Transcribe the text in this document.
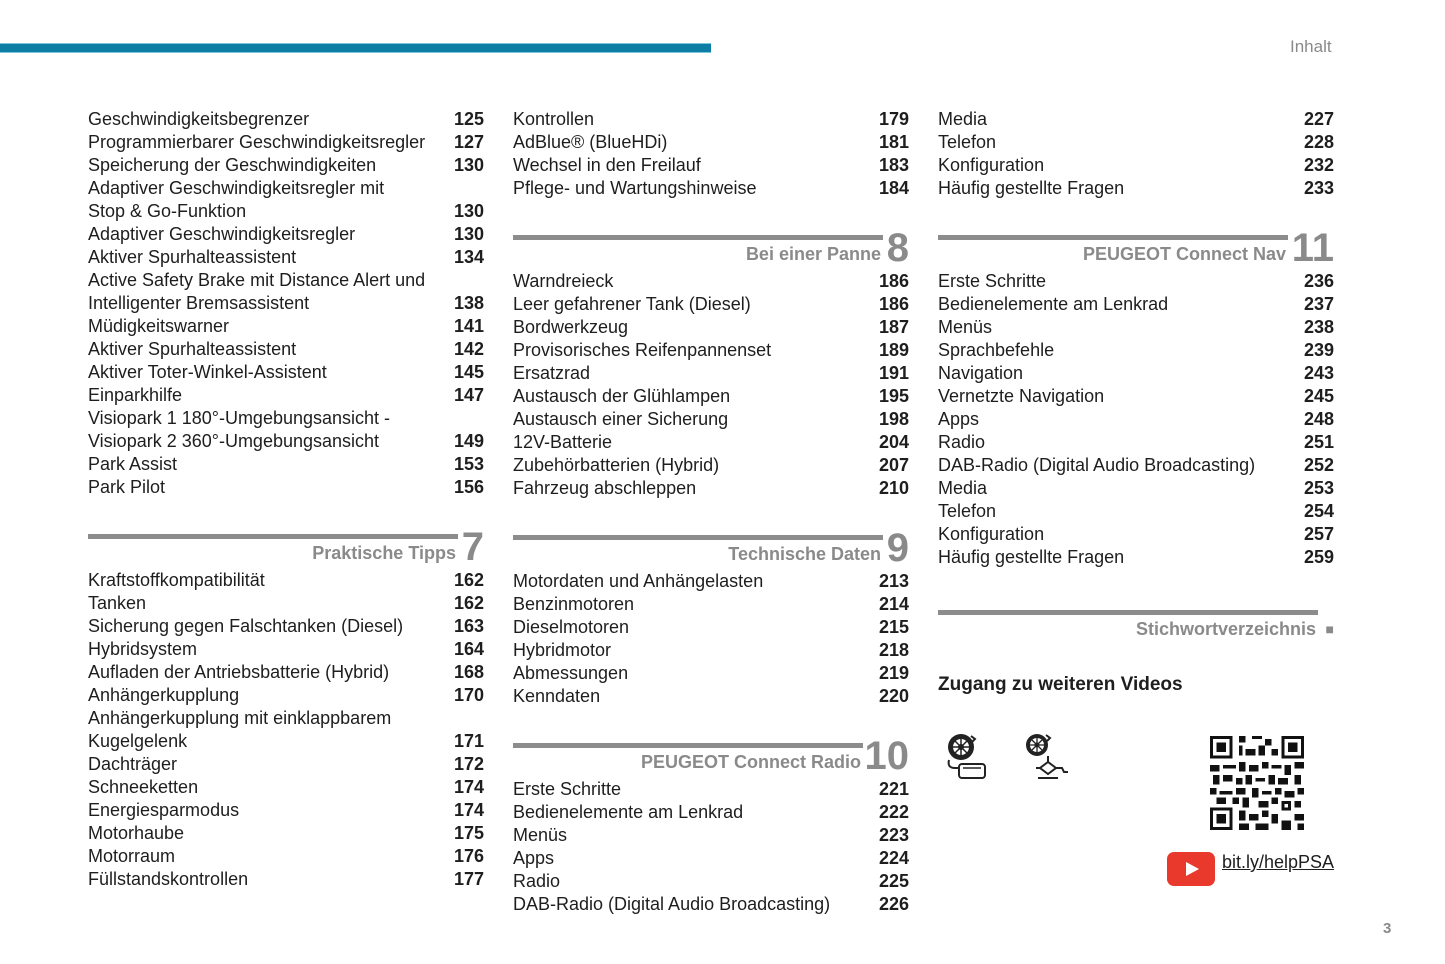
Inhalt
Geschwindigkeitsbegrenzer	125
Programmierbarer Geschwindigkeitsregler 127
Speicherung der Geschwindigkeiten	130
Adaptiver Geschwindigkeitsregler mit
Stop & Go-Funktion	130
Adaptiver Geschwindigkeitsregler	130
Aktiver Spurhalteassistent	134
Active Safety Brake mit Distance Alert und
Intelligenter Bremsassistent	138
Müdigkeitswarner	141
Aktiver Spurhalteassistent	142
Aktiver Toter-Winkel-Assistent	145
Einparkhilfe	147
Visiopark 1 180°-Umgebungsansicht -
Visiopark 2 360°-Umgebungsansicht	149
Park Assist	153
Park Pilot	156
Praktische Tipps 7
Kraftstoffkompatibilität	162
Tanken	162
Sicherung gegen Falschtanken (Diesel)	163
Hybridsystem	164
Aufladen der Antriebsbatterie (Hybrid)	168
Anhängerkupplung	170
Anhängerkupplung mit einklappbarem
Kugelgelenk	171
Dachträger	172
Schneeketten	174
Energiesparmodus	174
Motorhaube	175
Motorraum	176
Füllstandskontrollen	177
Kontrollen	179
AdBlue® (BlueHDi)	181
Wechsel in den Freilauf	183
Pflege- und Wartungshinweise	184
Bei einer Panne 8
Warndreieck	186
Leer gefahrener Tank (Diesel)	186
Bordwerkzeug	187
Provisorisches Reifenpannenset	189
Ersatzrad	191
Austausch der Glühlampen	195
Austausch einer Sicherung	198
12V-Batterie	204
Zubehörbatterien (Hybrid)	207
Fahrzeug abschleppen	210
Technische Daten 9
Motordaten und Anhängelasten	213
Benzinmotoren	214
Dieselmotoren	215
Hybridmotor	218
Abmessungen	219
Kenndaten	220
PEUGEOT Connect Radio 10
Erste Schritte	221
Bedienelemente am Lenkrad	222
Menüs	223
Apps	224
Radio	225
DAB-Radio (Digital Audio Broadcasting)	226
Media	227
Telefon	228
Konfiguration	232
Häufig gestellte Fragen	233
PEUGEOT Connect Nav 11
Erste Schritte	236
Bedienelemente am Lenkrad	237
Menüs	238
Sprachbefehle	239
Navigation	243
Vernetzte Navigation	245
Apps	248
Radio	251
DAB-Radio (Digital Audio Broadcasting)	252
Media	253
Telefon	254
Konfiguration	257
Häufig gestellte Fragen	259
Stichwortverzeichnis ■
Zugang zu weiteren Videos
bit.ly/helpPSA
3
